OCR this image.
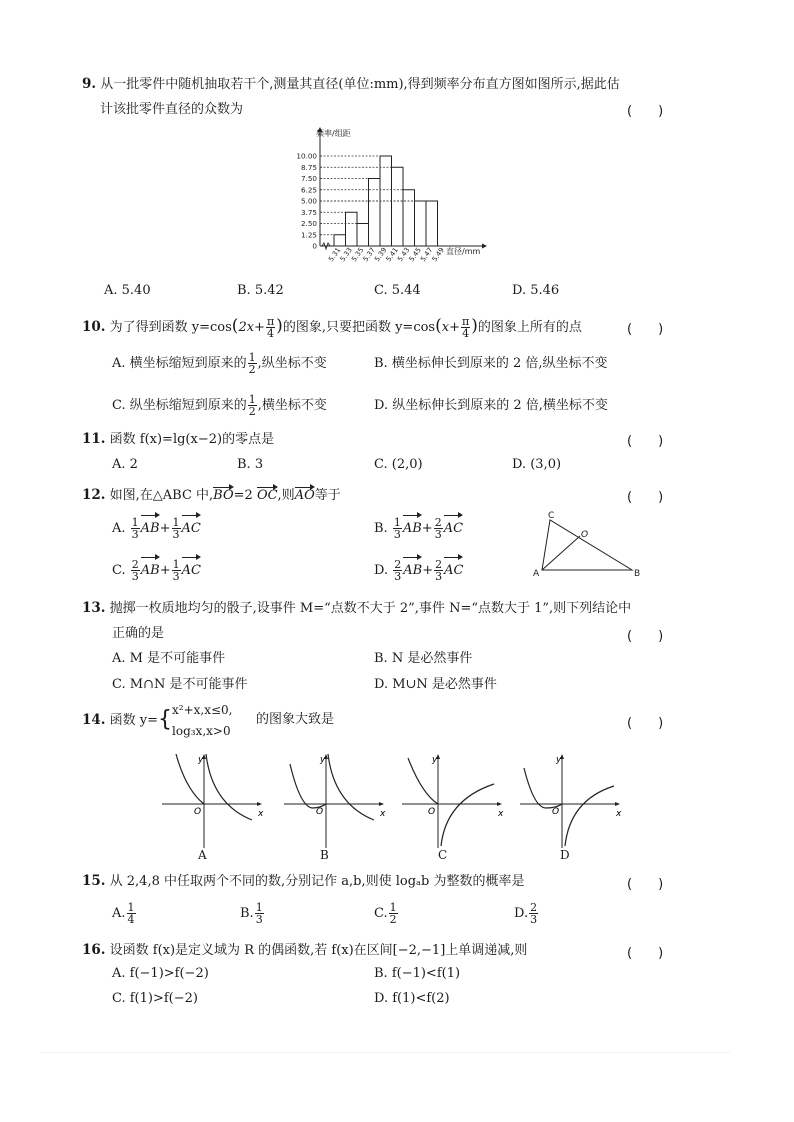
9. 从一批零件中随机抽取若干个,测量其直径(单位:mm),得到频率分布直方图如图所示,据此估
计该批零件直径的众数为	(　　)
频率/组距
0
1.25
2.50
3.75
5.00
6.25
7.50
8.75
10.00
5.31
5.33
5.35
5.37
5.39
5.41
5.43
5.45
5.47
5.49 直径/mm
A. 5.40	B. 5.42	C. 5.44	D. 5.46
10. 为了得到函数 $y=\cos(2x+ \frac{\pi}{4}$ )的图象,只要把函数 $y=\cos(x+ \frac{\pi}{4}$ )的图象上所有的点	(　　)
A. 横坐标缩短到原来的 $\frac{1}{2}$ ,纵坐标不变	B. 横坐标伸长到原来的 2 倍,纵坐标不变
C. 纵坐标缩短到原来的 $\frac{1}{2}$ ,横坐标不变	D. 纵坐标伸长到原来的 2 倍,横坐标不变
11. 函数 f(x)=lg(x−2)的零点是	(　　)
A. 2	B. 3	C. (2,0)	D. (3,0)
12. 如图,在△ABC 中,BO=2 OC,则AO等于	(　　)
A. $\frac{1}{3} AB+ \frac{1}{3}$ AC	B. $\frac{1}{3} AB+ \frac{2}{3}$ AC
C. $\frac{2}{3} AB+ \frac{1}{3}$ AC	D. $\frac{2}{3} AB+ \frac{2}{3}$ AC
C
O
A	B
13. 抛掷一枚质地均匀的骰子,设事件 M=“点数不大于 2”,事件 N=“点数大于 1”,则下列结论中
正确的是	(　　)
A. M 是不可能事件	B. N 是必然事件
C. M∩N 是不可能事件	D. M∪N 是必然事件
14. 函数 y= { x²+x,x≤0,
log₃x,x>0
的图象大致是	(　　)
y
x
O
y
x
O
y
x
O
y
x
O
A	B	C	D
15. 从 2,4,8 中任取两个不同的数,分别记作 a,b,则使 logₐb 为整数的概率是	(　　)
A. $\frac{1}{4}$	B. $\frac{1}{3}$	C. $\frac{1}{2}$	D. $\frac{2}{3}$
16. 设函数 f(x)是定义域为 R 的偶函数,若 f(x)在区间[−2,−1]上单调递减,则	(　　)
A. f(−1)>f(−2)	B. f(−1)<f(1)
C. f(1)>f(−2)	D. f(1)<f(2)
